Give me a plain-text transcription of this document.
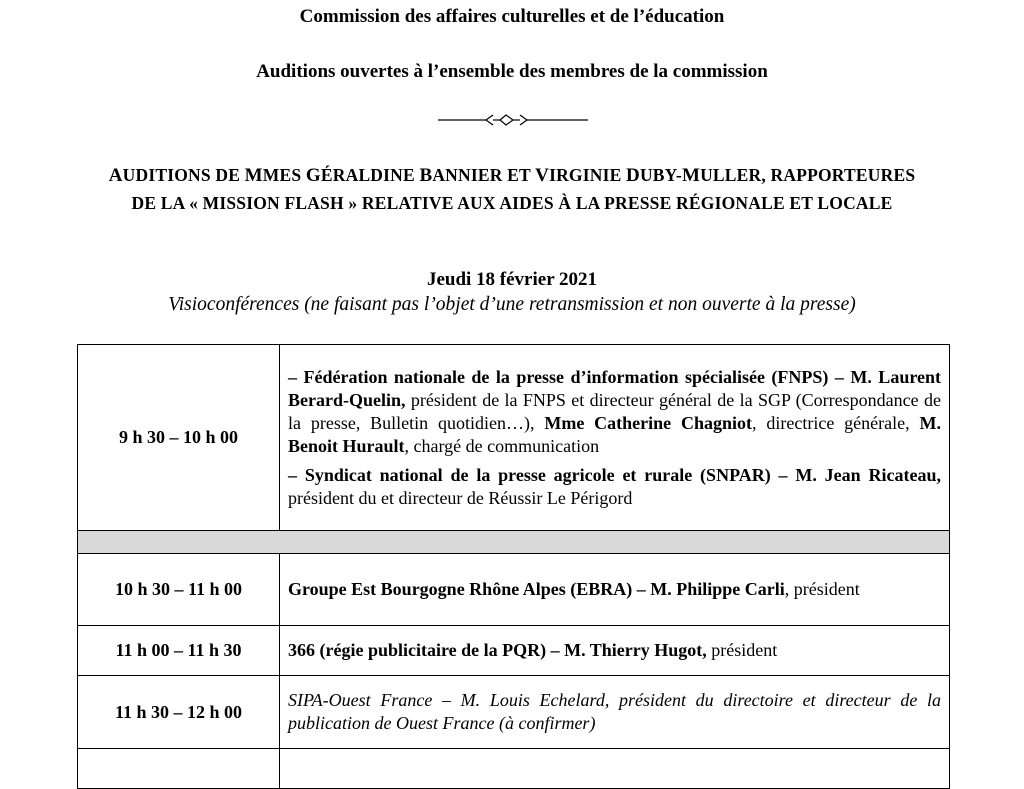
Commission des affaires culturelles et de l’éducation
Auditions ouvertes à l’ensemble des membres de la commission
AUDITIONS DE MMES GÉRALDINE BANNIER ET VIRGINIE DUBY-MULLER, RAPPORTEURES
DE LA « MISSION FLASH » RELATIVE AUX AIDES À LA PRESSE RÉGIONALE ET LOCALE
Jeudi 18 février 2021
Visioconférences (ne faisant pas l’objet d’une retransmission et non ouverte à la presse)
9 h 30 – 10 h 00	– Fédération nationale de la presse d’information spécialisée (FNPS) – M. Laurent Berard-Quelin, président de la FNPS et directeur général de la SGP (Correspondance de la presse, Bulletin quotidien…), Mme Catherine Chagniot, directrice générale, M. Benoit Hurault, chargé de communication

– Syndicat national de la presse agricole et rurale (SNPAR) – M. Jean Ricateau, président du et directeur de Réussir Le Périgord

10 h 30 – 11 h 00	Groupe Est Bourgogne Rhône Alpes (EBRA) – M. Philippe Carli, président

11 h 00 – 11 h 30	366 (régie publicitaire de la PQR) – M. Thierry Hugot, président

11 h 30 – 12 h 00	SIPA-Ouest France – M. Louis Echelard, président du directoire et directeur de la publication de Ouest France (à confirmer)
